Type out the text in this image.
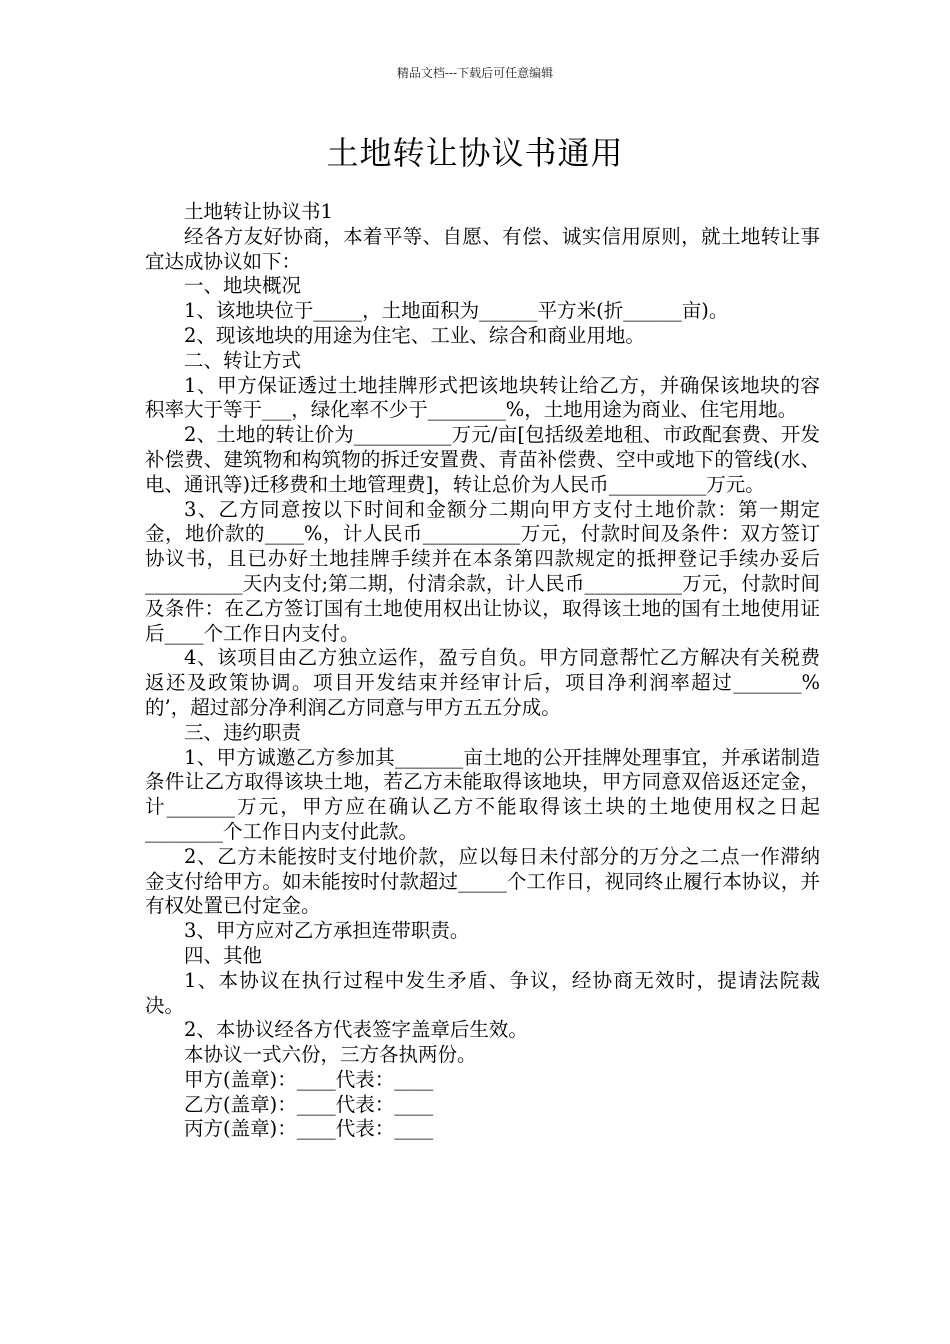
精品文档---下载后可任意编辑
土地转让协议书通用

土地转让协议书1

经各方友好协商，本着平等、自愿、有偿、诚实信用原则，就土地转让事宜达成协议如下：

一、地块概况

1、该地块位于_____，土地面积为______平方米(折______亩)。

2、现该地块的用途为住宅、工业、综合和商业用地。

二、转让方式

1、甲方保证透过土地挂牌形式把该地块转让给乙方，并确保该地块的容积率大于等于___，绿化率不少于________%，土地用途为商业、住宅用地。

2、土地的转让价为__________万元/亩[包括级差地租、市政配套费、开发补偿费、建筑物和构筑物的拆迁安置费、青苗补偿费、空中或地下的管线(水、电、通讯等)迁移费和土地管理费]，转让总价为人民币__________万元。

3、乙方同意按以下时间和金额分二期向甲方支付土地价款：第一期定金，地价款的____%，计人民币__________万元，付款时间及条件：双方签订协议书，且已办好土地挂牌手续并在本条第四款规定的抵押登记手续办妥后__________天内支付;第二期，付清余款，计人民币__________万元，付款时间及条件：在乙方签订国有土地使用权出让协议，取得该土地的国有土地使用证后____个工作日内支付。

4、该项目由乙方独立运作，盈亏自负。甲方同意帮忙乙方解决有关税费返还及政策协调。项目开发结束并经审计后，项目净利润率超过_______%的’，超过部分净利润乙方同意与甲方五五分成。

三、违约职责

1、甲方诚邀乙方参加其_______亩土地的公开挂牌处理事宜，并承诺制造条件让乙方取得该块土地，若乙方未能取得该地块，甲方同意双倍返还定金，计_______万元，甲方应在确认乙方不能取得该土块的土地使用权之日起________个工作日内支付此款。

2、乙方未能按时支付地价款，应以每日未付部分的万分之二点一作滞纳金支付给甲方。如未能按时付款超过_____个工作日，视同终止履行本协议，并有权处置已付定金。

3、甲方应对乙方承担连带职责。

四、其他

1、本协议在执行过程中发生矛盾、争议，经协商无效时，提请法院裁决。

2、本协议经各方代表签字盖章后生效。

本协议一式六份，三方各执两份。

甲方(盖章)：____代表：____

乙方(盖章)：____代表：____

丙方(盖章)：____代表：____
